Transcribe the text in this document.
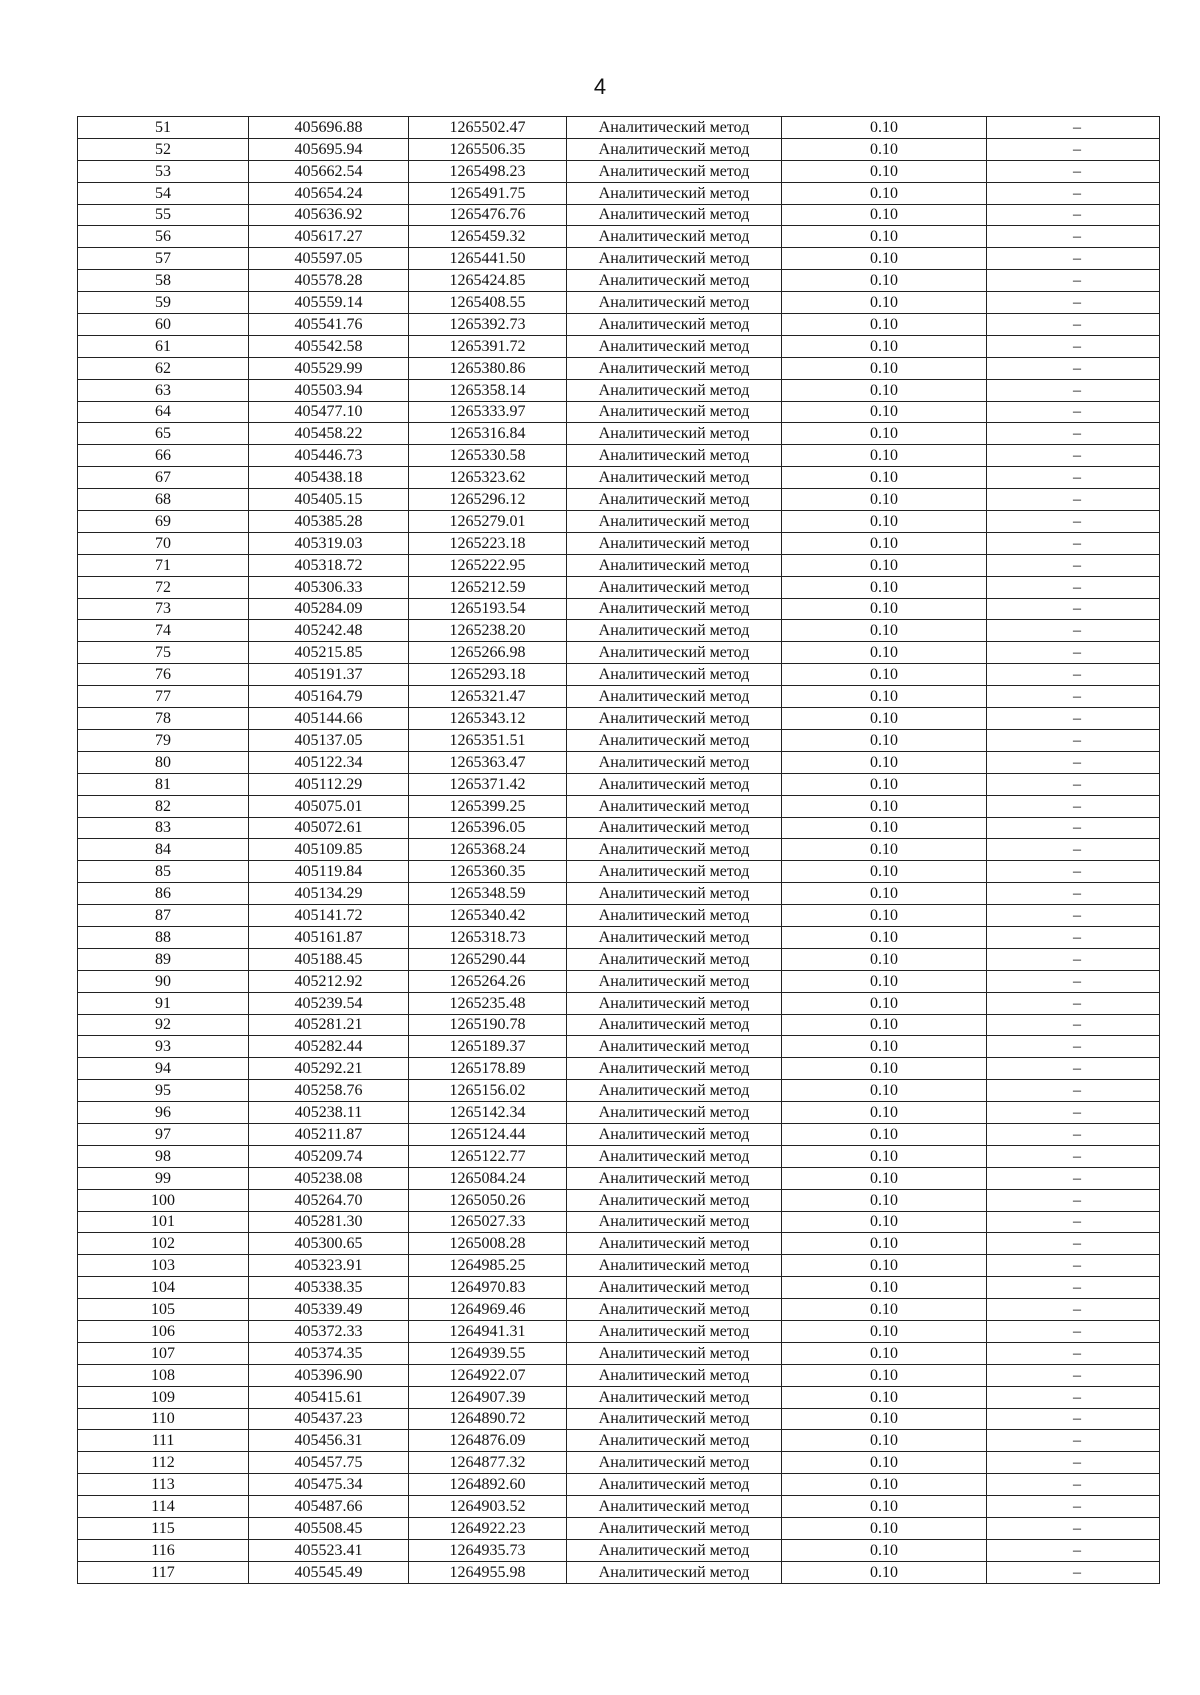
4
51	405696.88	1265502.47	Аналитический метод	0.10	–
52	405695.94	1265506.35	Аналитический метод	0.10	–
53	405662.54	1265498.23	Аналитический метод	0.10	–
54	405654.24	1265491.75	Аналитический метод	0.10	–
55	405636.92	1265476.76	Аналитический метод	0.10	–
56	405617.27	1265459.32	Аналитический метод	0.10	–
57	405597.05	1265441.50	Аналитический метод	0.10	–
58	405578.28	1265424.85	Аналитический метод	0.10	–
59	405559.14	1265408.55	Аналитический метод	0.10	–
60	405541.76	1265392.73	Аналитический метод	0.10	–
61	405542.58	1265391.72	Аналитический метод	0.10	–
62	405529.99	1265380.86	Аналитический метод	0.10	–
63	405503.94	1265358.14	Аналитический метод	0.10	–
64	405477.10	1265333.97	Аналитический метод	0.10	–
65	405458.22	1265316.84	Аналитический метод	0.10	–
66	405446.73	1265330.58	Аналитический метод	0.10	–
67	405438.18	1265323.62	Аналитический метод	0.10	–
68	405405.15	1265296.12	Аналитический метод	0.10	–
69	405385.28	1265279.01	Аналитический метод	0.10	–
70	405319.03	1265223.18	Аналитический метод	0.10	–
71	405318.72	1265222.95	Аналитический метод	0.10	–
72	405306.33	1265212.59	Аналитический метод	0.10	–
73	405284.09	1265193.54	Аналитический метод	0.10	–
74	405242.48	1265238.20	Аналитический метод	0.10	–
75	405215.85	1265266.98	Аналитический метод	0.10	–
76	405191.37	1265293.18	Аналитический метод	0.10	–
77	405164.79	1265321.47	Аналитический метод	0.10	–
78	405144.66	1265343.12	Аналитический метод	0.10	–
79	405137.05	1265351.51	Аналитический метод	0.10	–
80	405122.34	1265363.47	Аналитический метод	0.10	–
81	405112.29	1265371.42	Аналитический метод	0.10	–
82	405075.01	1265399.25	Аналитический метод	0.10	–
83	405072.61	1265396.05	Аналитический метод	0.10	–
84	405109.85	1265368.24	Аналитический метод	0.10	–
85	405119.84	1265360.35	Аналитический метод	0.10	–
86	405134.29	1265348.59	Аналитический метод	0.10	–
87	405141.72	1265340.42	Аналитический метод	0.10	–
88	405161.87	1265318.73	Аналитический метод	0.10	–
89	405188.45	1265290.44	Аналитический метод	0.10	–
90	405212.92	1265264.26	Аналитический метод	0.10	–
91	405239.54	1265235.48	Аналитический метод	0.10	–
92	405281.21	1265190.78	Аналитический метод	0.10	–
93	405282.44	1265189.37	Аналитический метод	0.10	–
94	405292.21	1265178.89	Аналитический метод	0.10	–
95	405258.76	1265156.02	Аналитический метод	0.10	–
96	405238.11	1265142.34	Аналитический метод	0.10	–
97	405211.87	1265124.44	Аналитический метод	0.10	–
98	405209.74	1265122.77	Аналитический метод	0.10	–
99	405238.08	1265084.24	Аналитический метод	0.10	–
100	405264.70	1265050.26	Аналитический метод	0.10	–
101	405281.30	1265027.33	Аналитический метод	0.10	–
102	405300.65	1265008.28	Аналитический метод	0.10	–
103	405323.91	1264985.25	Аналитический метод	0.10	–
104	405338.35	1264970.83	Аналитический метод	0.10	–
105	405339.49	1264969.46	Аналитический метод	0.10	–
106	405372.33	1264941.31	Аналитический метод	0.10	–
107	405374.35	1264939.55	Аналитический метод	0.10	–
108	405396.90	1264922.07	Аналитический метод	0.10	–
109	405415.61	1264907.39	Аналитический метод	0.10	–
110	405437.23	1264890.72	Аналитический метод	0.10	–
111	405456.31	1264876.09	Аналитический метод	0.10	–
112	405457.75	1264877.32	Аналитический метод	0.10	–
113	405475.34	1264892.60	Аналитический метод	0.10	–
114	405487.66	1264903.52	Аналитический метод	0.10	–
115	405508.45	1264922.23	Аналитический метод	0.10	–
116	405523.41	1264935.73	Аналитический метод	0.10	–
117	405545.49	1264955.98	Аналитический метод	0.10	–
